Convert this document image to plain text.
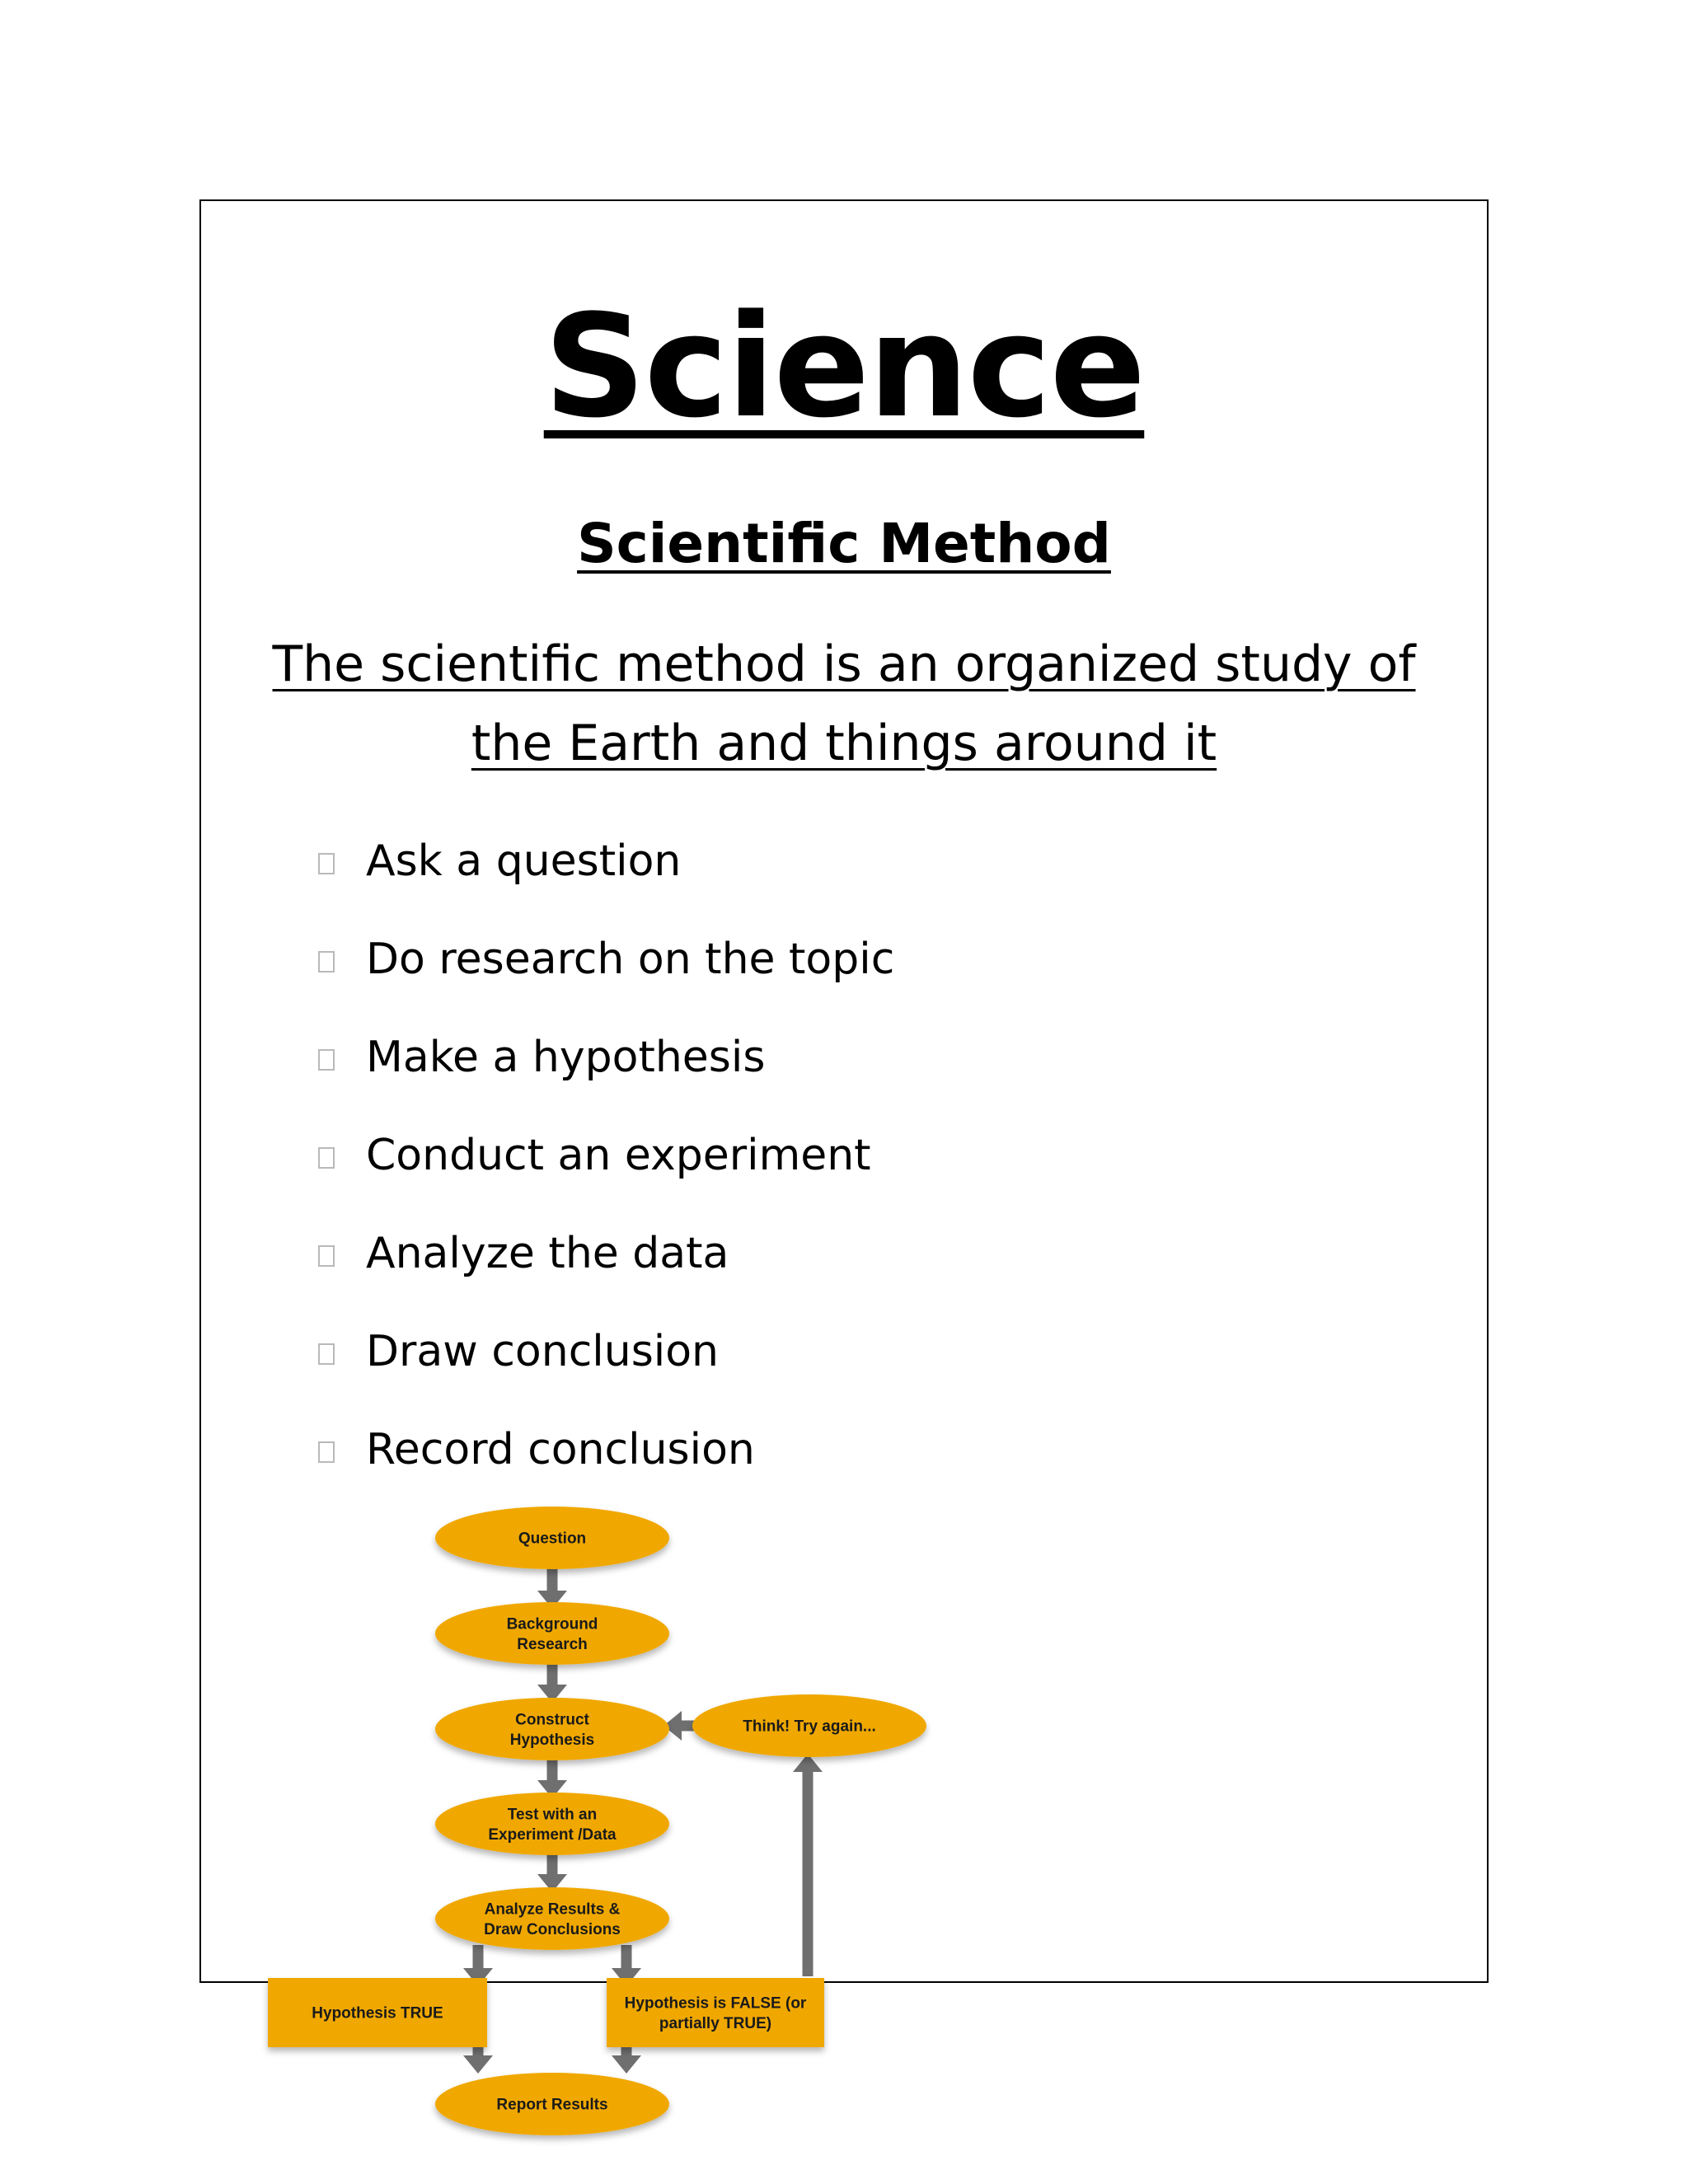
Science
Scientific Method
The scientific method is an organized study of the Earth and things around it
Ask a question
Do research on the topic
Make a hypothesis
Conduct an experiment
Analyze the data
Draw conclusion
Record conclusion
Question
Background
Research
Construct
Hypothesis
Think! Try again...
Test with an
Experiment /Data
Analyze Results &
Draw Conclusions
Hypothesis TRUE
Hypothesis is FALSE (or
partially TRUE)
Report Results
